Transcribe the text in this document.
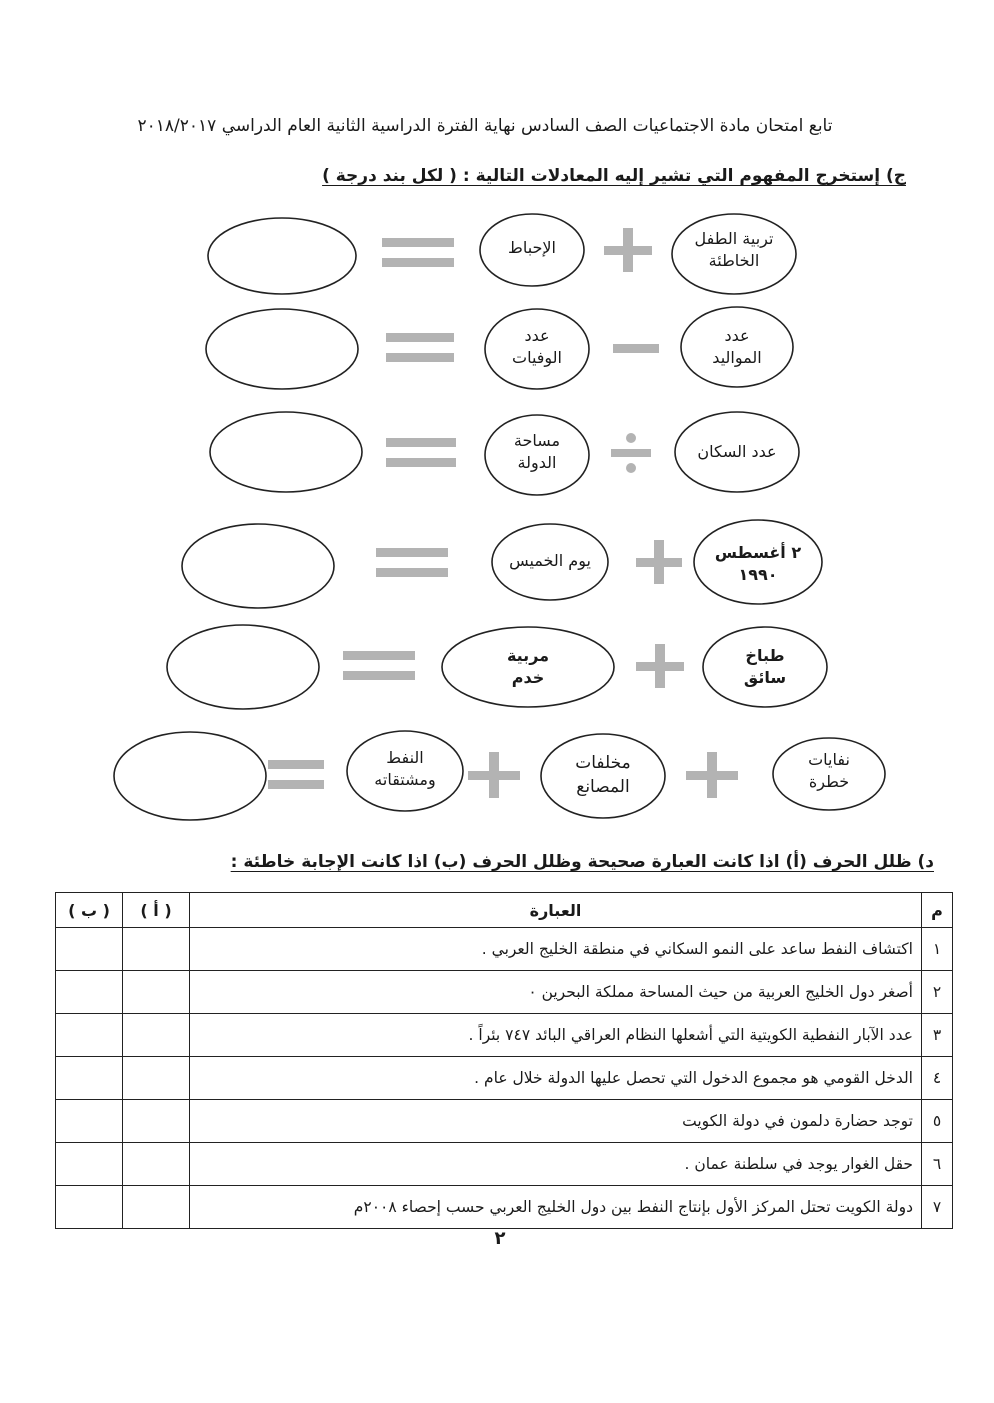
تابع امتحان مادة الاجتماعيات الصف السادس نهاية الفترة الدراسية الثانية العام الدراسي ٢٠١٨/٢٠١٧
ج) إستخرج المفهوم التي تشير إليه المعادلات التالية : ( لكل بند درجة )
تربية الطفل
الخاطئة
الإحباط
عدد
المواليد
عدد
الوفيات
عدد السكان
مساحة
الدولة
٢ أغسطس
١٩٩٠
يوم الخميس
طباخ
سائق
مربية
خدم
نفايات
خطرة
مخلفات
المصانع
النفط
ومشتقاته
د) ظلل الحرف (أ) اذا كانت العبارة صحيحة وظلل الحرف (ب) اذا كانت الإجابة خاطئة :
م	العبارة	( أ )	( ب )
١	اكتشاف النفط ساعد على النمو السكاني في منطقة الخليج العربي .		
٢	أصغر دول الخليج العربية من حيث المساحة مملكة البحرين ٠		
٣	عدد الآبار النفطية الكويتية التي أشعلها النظام العراقي البائد ٧٤٧ بئراً .		
٤	الدخل القومي هو مجموع الدخول التي تحصل عليها الدولة خلال عام .		
٥	توجد حضارة دلمون في دولة الكويت		
٦	حقل الغوار يوجد في سلطنة عمان .		
٧	دولة الكويت تحتل المركز الأول بإنتاج النفط بين دول الخليج العربي حسب إحصاء ٢٠٠٨م		
٢
